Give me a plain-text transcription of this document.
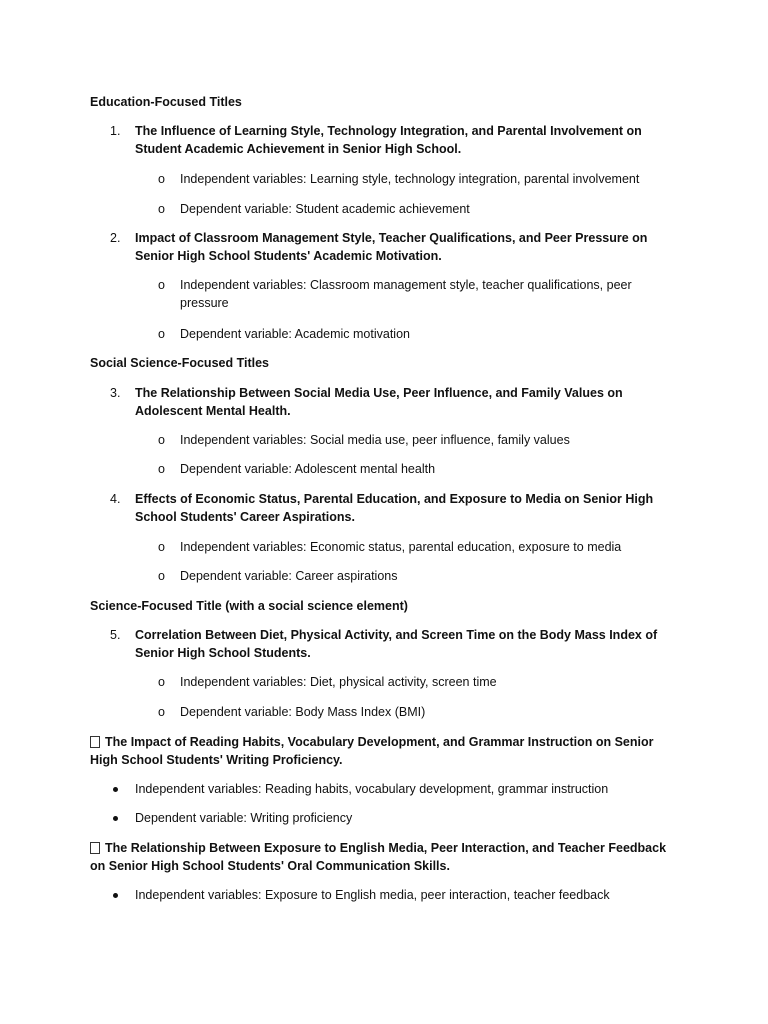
Education-Focused Titles
1.	The Influence of Learning Style, Technology Integration, and Parental Involvement on Student Academic Achievement in Senior High School.
o Independent variables: Learning style, technology integration, parental involvement
o Dependent variable: Student academic achievement
2.	Impact of Classroom Management Style, Teacher Qualifications, and Peer Pressure on Senior High School Students' Academic Motivation.
o Independent variables: Classroom management style, teacher qualifications, peer pressure
o Dependent variable: Academic motivation
Social Science-Focused Titles
3.	The Relationship Between Social Media Use, Peer Influence, and Family Values on Adolescent Mental Health.
o Independent variables: Social media use, peer influence, family values
o Dependent variable: Adolescent mental health
4.	Effects of Economic Status, Parental Education, and Exposure to Media on Senior High School Students' Career Aspirations.
o Independent variables: Economic status, parental education, exposure to media
o Dependent variable: Career aspirations
Science-Focused Title (with a social science element)
5.	Correlation Between Diet, Physical Activity, and Screen Time on the Body Mass Index of Senior High School Students.
o Independent variables: Diet, physical activity, screen time
o Dependent variable: Body Mass Index (BMI)
The Impact of Reading Habits, Vocabulary Development, and Grammar Instruction on Senior High School Students' Writing Proficiency.
Independent variables: Reading habits, vocabulary development, grammar instruction
Dependent variable: Writing proficiency
The Relationship Between Exposure to English Media, Peer Interaction, and Teacher Feedback on Senior High School Students' Oral Communication Skills.
Independent variables: Exposure to English media, peer interaction, teacher feedback
